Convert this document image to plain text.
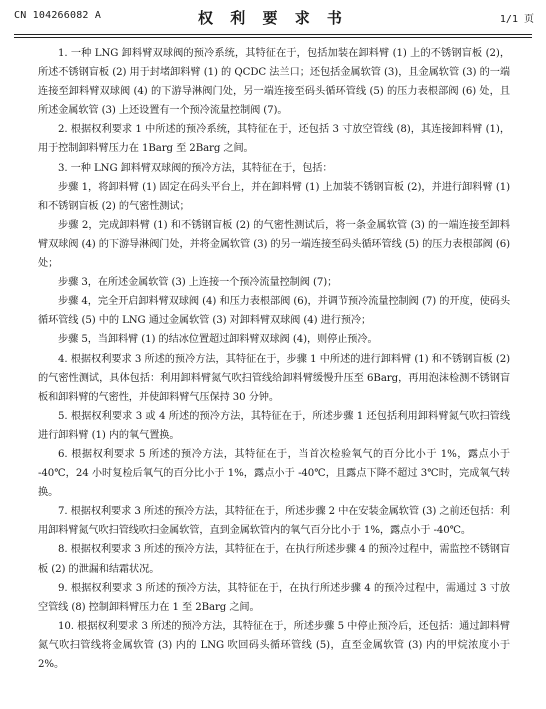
CN 104266082 A	权 利 要 求 书	1/1 页

1. 一种 LNG 卸料臂双球阀的预冷系统，其特征在于，包括加装在卸料臂 (1) 上的不锈钢盲板 (2)，所述不锈钢盲板 (2) 用于封堵卸料臂 (1) 的 QCDC 法兰口；还包括金属软管 (3)，且金属软管 (3) 的一端连接至卸料臂双球阀 (4) 的下游导淋阀门处，另一端连接至码头循环管线 (5) 的压力表根部阀 (6) 处，且所述金属软管 (3) 上还设置有一个预冷流量控制阀 (7)。

2. 根据权利要求 1 中所述的预冷系统，其特征在于，还包括 3 寸放空管线 (8)，其连接卸料臂 (1)，用于控制卸料臂压力在 1Barg 至 2Barg 之间。

3. 一种 LNG 卸料臂双球阀的预冷方法，其特征在于，包括：

步骤 1，将卸料臂 (1) 固定在码头平台上，并在卸料臂 (1) 上加装不锈钢盲板 (2)，并进行卸料臂 (1) 和不锈钢盲板 (2) 的气密性测试；

步骤 2，完成卸料臂 (1) 和不锈钢盲板 (2) 的气密性测试后，将一条金属软管 (3) 的一端连接至卸料臂双球阀 (4) 的下游导淋阀门处，并将金属软管 (3) 的另一端连接至码头循环管线 (5) 的压力表根部阀 (6) 处；

步骤 3，在所述金属软管 (3) 上连接一个预冷流量控制阀 (7)；

步骤 4，完全开启卸料臂双球阀 (4) 和压力表根部阀 (6)，并调节预冷流量控制阀 (7) 的开度，使码头循环管线 (5) 中的 LNG 通过金属软管 (3) 对卸料臂双球阀 (4) 进行预冷；

步骤 5，当卸料臂 (1) 的结冰位置超过卸料臂双球阀 (4)，则停止预冷。

4. 根据权利要求 3 所述的预冷方法，其特征在于，步骤 1 中所述的进行卸料臂 (1) 和不锈钢盲板 (2) 的气密性测试，具体包括：利用卸料臂氮气吹扫管线给卸料臂缓慢升压至 6Barg，再用泡沫检测不锈钢盲板和卸料臂的气密性，并使卸料臂气压保持 30 分钟。

5. 根据权利要求 3 或 4 所述的预冷方法，其特征在于，所述步骤 1 还包括利用卸料臂氮气吹扫管线进行卸料臂 (1) 内的氧气置换。

6. 根据权利要求 5 所述的预冷方法，其特征在于，当首次检验氧气的百分比小于 1%，露点小于 -40℃，24 小时复检后氧气的百分比小于 1%，露点小于 -40℃，且露点下降不超过 3℃时，完成氧气转换。

7. 根据权利要求 3 所述的预冷方法，其特征在于，所述步骤 2 中在安装金属软管 (3) 之前还包括：利用卸料臂氮气吹扫管线吹扫金属软管，直到金属软管内的氧气百分比小于 1%，露点小于 -40℃。

8. 根据权利要求 3 所述的预冷方法，其特征在于，在执行所述步骤 4 的预冷过程中，需监控不锈钢盲板 (2) 的泄漏和结霜状况。

9. 根据权利要求 3 所述的预冷方法，其特征在于，在执行所述步骤 4 的预冷过程中，需通过 3 寸放空管线 (8) 控制卸料臂压力在 1 至 2Barg 之间。

10. 根据权利要求 3 所述的预冷方法，其特征在于，所述步骤 5 中停止预冷后，还包括：通过卸料臂氮气吹扫管线将金属软管 (3) 内的 LNG 吹回码头循环管线 (5)，直至金属软管 (3) 内的甲烷浓度小于 2%。
